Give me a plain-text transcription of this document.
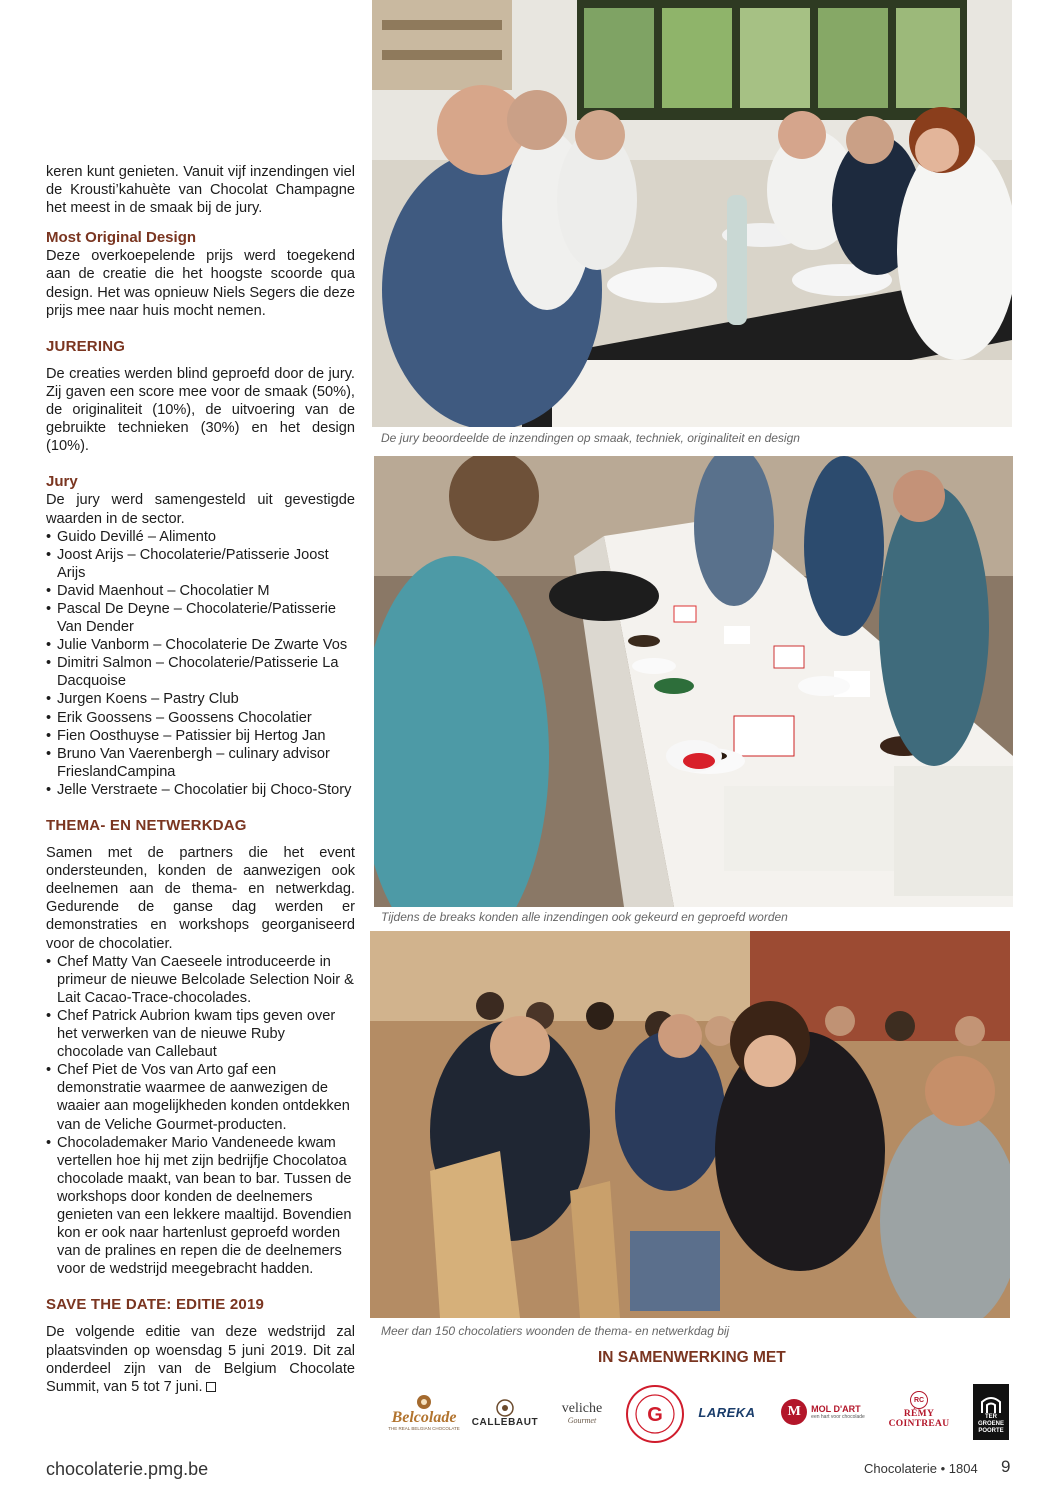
keren kunt genieten. Vanuit vijf inzendingen viel de Krousti’kahuète van Chocolat Champagne het meest in de smaak bij de jury.

Most Original Design

Deze overkoepelende prijs werd toegekend aan de creatie die het hoogste scoorde qua design. Het was opnieuw Niels Segers die deze prijs mee naar huis mocht nemen.

JURERING

De creaties werden blind geproefd door de jury. Zij gaven een score mee voor de smaak (50%), de originaliteit (10%), de uitvoering van de gebruikte technieken (30%) en het design (10%).

Jury

De jury werd samengesteld uit gevestigde waarden in de sector.

• Guido Devillé – Alimento
• Joost Arijs – Chocolaterie/Patisserie Joost Arijs
• David Maenhout – Chocolatier M
• Pascal De Deyne – Chocolaterie/Patisserie Van Dender
• Julie Vanborm – Chocolaterie De Zwarte Vos
• Dimitri Salmon – Chocolaterie/Patisserie La Dacquoise
• Jurgen Koens – Pastry Club
• Erik Goossens – Goossens Chocolatier
• Fien Oosthuyse – Patissier bij Hertog Jan
• Bruno Van Vaerenbergh – culinary advisor FrieslandCampina
• Jelle Verstraete – Chocolatier bij Choco-Story
THEMA- EN NETWERKDAG

Samen met de partners die het event ondersteunden, konden de aanwezigen ook deelnemen aan de thema- en netwerkdag. Gedurende de ganse dag werden er demonstraties en workshops georganiseerd voor de chocolatier.

• Chef Matty Van Caeseele introduceerde in primeur de nieuwe Belcolade Selection Noir & Lait Cacao-Trace-chocolades.
• Chef Patrick Aubrion kwam tips geven over het verwerken van de nieuwe Ruby chocolade van Callebaut
• Chef Piet de Vos van Arto gaf een demonstratie waarmee de aanwezigen de waaier aan mogelijkheden konden ontdekken van de Veliche Gourmet-producten.
• Chocolademaker Mario Vandeneede kwam vertellen hoe hij met zijn bedrijfje Chocolatoa chocolade maakt, van bean to bar. Tussen de workshops door konden de deelnemers genieten van een lekkere maaltijd. Bovendien kon er ook naar hartenlust geproefd worden van de pralines en repen die de deelnemers voor de wedstrijd meegebracht hadden.
SAVE THE DATE: EDITIE 2019

De volgende editie van deze wedstrijd zal plaatsvinden op woensdag 5 juni 2019. Dit zal onderdeel zijn van de Belgium Chocolate Summit, van 5 tot 7 juni.

De jury beoordeelde de inzendingen op smaak, techniek, originaliteit en design
Tijdens de breaks konden alle inzendingen ook gekeurd en geproefd worden
Meer dan 150 chocolatiers woonden de thema- en netwerkdag bij
IN SAMENWERKING MET
Belcolade
THE REAL BELGIAN CHOCOLATE
CALLEBAUT
veliche
Gourmet	G	LAREKA	M	MOL D'ART
een hart voor chocolade
RC
RÉMY COINTREAU
TER GROENE POORTE
chocolaterie.pmg.be	Chocolaterie • 1804 9
